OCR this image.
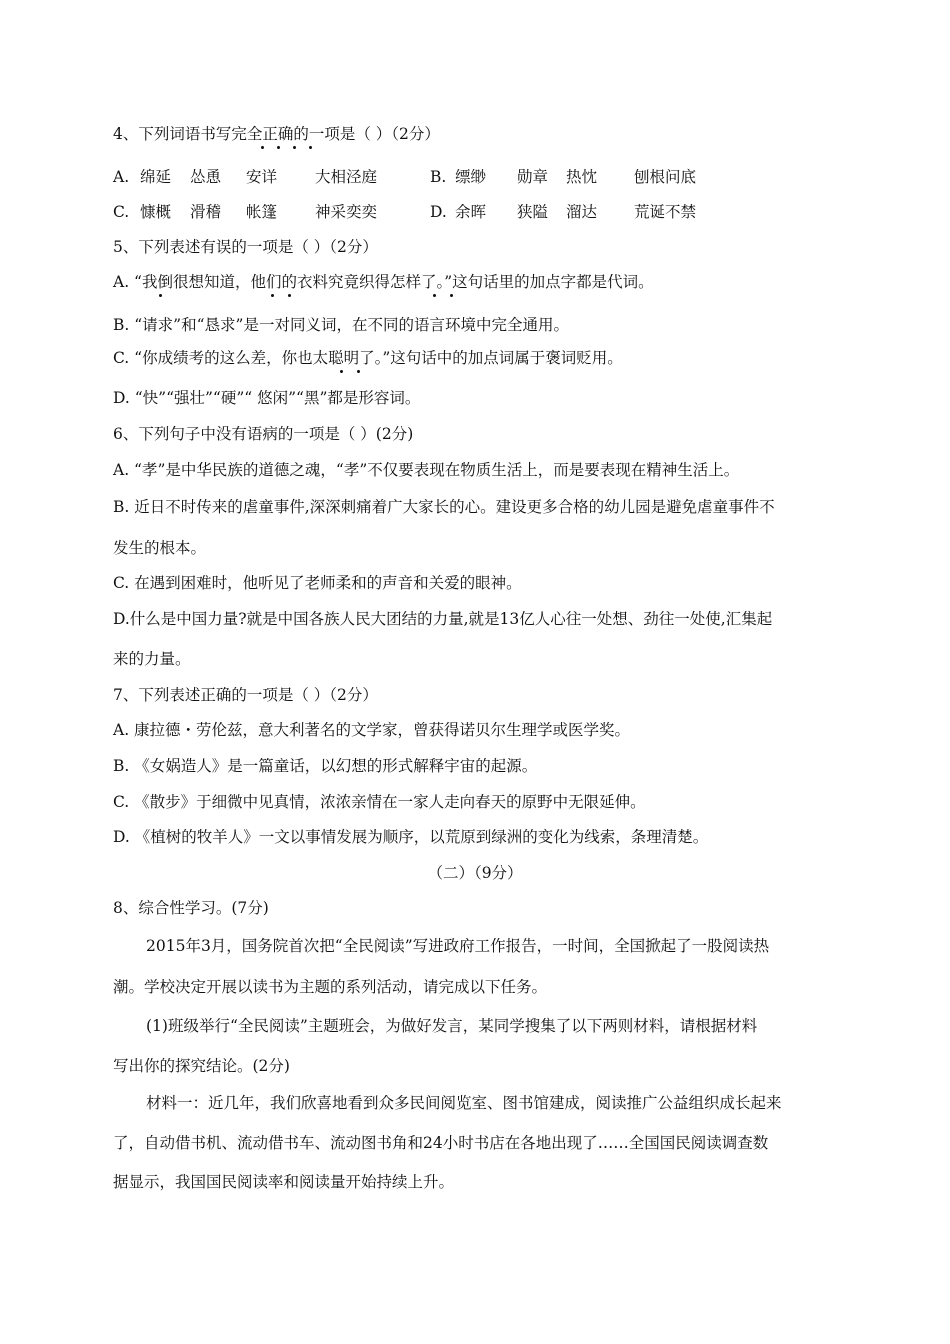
4、下列词语书写完全正确的一项是（ ）（2分）
A. 绵延 怂恿 安详 大相泾庭	B. 缥缈 勋章 热忱 刨根问底
C. 慷概 滑稽 帐篷 神采奕奕	D. 余晖 狭隘 溜达 荒诞不禁
5、下列表述有误的一项是（ ）（2分）
A. “我倒很想知道，他们的衣料究竟织得怎样了。”这句话里的加点字都是代词。
B. “请求”和“恳求”是一对同义词，在不同的语言环境中完全通用。
C. “你成绩考的这么差，你也太聪明了。”这句话中的加点词属于褒词贬用。
D. “快”“强壮”“硬”“ 悠闲”“黑”都是形容词。
6、下列句子中没有语病的一项是（ ）(2分)
A. “孝”是中华民族的道德之魂，“孝”不仅要表现在物质生活上，而是要表现在精神生活上。
B. 近日不时传来的虐童事件,深深刺痛着广大家长的心。建设更多合格的幼儿园是避免虐童事件不
发生的根本。
C. 在遇到困难时，他听见了老师柔和的声音和关爱的眼神。
D.什么是中国力量?就是中国各族人民大团结的力量,就是13亿人心往一处想、劲往一处使,汇集起
来的力量。
7、下列表述正确的一项是（ ）（2分）
A. 康拉德・劳伦兹，意大利著名的文学家，曾获得诺贝尔生理学或医学奖。
B. 《女娲造人》是一篇童话，以幻想的形式解释宇宙的起源。
C. 《散步》于细微中见真情，浓浓亲情在一家人走向春天的原野中无限延伸。
D. 《植树的牧羊人》一文以事情发展为顺序，以荒原到绿洲的变化为线索，条理清楚。
（二）（9分）
8、综合性学习。(7分)
2015年3月，国务院首次把“全民阅读”写进政府工作报告，一时间，全国掀起了一股阅读热
潮。学校决定开展以读书为主题的系列活动，请完成以下任务。
(1)班级举行“全民阅读”主题班会，为做好发言，某同学搜集了以下两则材料，请根据材料
写出你的探究结论。(2分)
材料一：近几年，我们欣喜地看到众多民间阅览室、图书馆建成，阅读推广公益组织成长起来
了，自动借书机、流动借书车、流动图书角和24小时书店在各地出现了……全国国民阅读调查数
据显示，我国国民阅读率和阅读量开始持续上升。
